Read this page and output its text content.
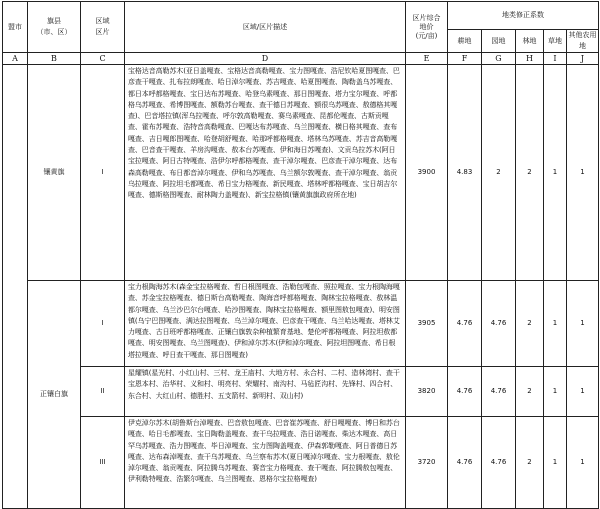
盟市	旗县
（市、区）	区域
区片	区域/区片描述	区片综合
地价
(元/亩)	地类修正系数				
					耕地	园地	林地	草地	其他农用地
A	B	C	D	E	F	G	H	I	J
	镶黄旗	I	宝格达音高勒苏木(亚日盖嘎查、宝格达音高勒嘎查、宝力图嘎查、浩尼钦哈夏图嘎查、巴彦查干嘎查、扎布拉朗嘎查、哈日淖尔嘎查、苏吉嘎查、哈夏图嘎查、陶勒盖乌苏嘎查、都日本呼都格嘎查、宝日达布苏嘎查、哈登乌素嘎查、那日图嘎查、塔力宝尔嘎查、呼都格乌苏嘎查、希博图嘎查、额勒苏台嘎查、查干德日苏嘎查、额很乌苏嘎查、敖德格其嘎查)、巴音塔拉镇(浑乌拉嘎查、呼尔敦高勒嘎查、赛乌素嘎查、昆都伦嘎查、古斯贡嘎查、霍布苏嘎查、浩特音高勒嘎查、巴嘎达布苏嘎查、乌兰图嘎查、横日格其嘎查、查布嘎查、吉日嘎郎图嘎查、哈登胡舒嘎查、哈那呼都格嘎查、塔林乌苏嘎查、苏吉音高勒嘎查、巴音查干嘎查、羊房沟嘎查、敖本台苏嘎查、伊和海日苏嘎查)、文贡乌拉苏木(阿日宝拉嘎查、阿日古特嘎查、浩伊尔呼都格嘎查、查干淖尔嘎查、巴彦查干淖尔嘎查、达布森高勒嘎查、布日都音淖尔嘎查、伊和乌苏嘎查、乌兰额尔敦嘎查、查干淖尔嘎查、翁贡乌拉嘎查、阿拉坦毛都嘎查、希日宝力格嘎查、新民嘎查、塔林呼都格嘎查、宝日胡吉尔嘎查、德斯格图嘎查、耐林陶力盖嘎查)、新宝拉格镇(镶黄旗旗政府所在地)	3900	4.83	2	2	1	1
	正镶白旗	I	宝力根陶海苏木(森金宝拉格嘎查、哲日根图嘎查、浩勒包嘎查、照拉嘎查、宝力根陶海嘎查、苏金宝拉格嘎查、德日斯台高勒嘎查、陶海音呼都格嘎查、陶林宝拉格嘎查、敖林温都尔嘎查、乌兰沙巴尔台嘎查、哈沙图嘎查、陶林宝拉格嘎查、额里图敖包嘎查)、明安图镇(乌宁巴图嘎查、满达拉图嘎查、乌兰淖尔嘎查、巴彦查干嘎查、乌兰哈达嘎查、塔林艾力嘎查、古日班呼都格嘎查、正镶白旗敦杂种植繁育基地、楚伦呼都格嘎查、阿拉坦敖都嘎查、明安图嘎查、乌兰图嘎查)、伊和淖尔苏木(伊和淖尔嘎查、阿拉坦图嘎查、希日根塔拉嘎查、呼日查干嘎查、那日图嘎查)	3905	4.76	4.76	2	1	1
		II	星耀镇(星光村、小红山村、三村、龙王庙村、大地方村、永合村、二村、造林湾村、查干宝恩本村、治华村、义和村、明亮村、荣耀村、南沟村、马毡匠沟村、先锋村、四合村、东合村、大红山村、德胜村、五支箭村、新明村、双山村)	3820	4.76	4.76	2	1	1
		III	伊克淖尔苏木(胡鲁斯台淖嘎查、巴音敖包嘎查、巴音崔苏嘎查、舒日嘎嘎查、博日和苏台嘎查、哈日毛都嘎查、宝日陶勒盖嘎查、查干乌拉嘎查、浩日诺嘎查、柴达木嘎查、高日罕乌苏嘎查、浩力图嘎查、毕日淖嘎查、宝力图陶盖嘎查、伊森郭勒嘎查、阿日普德日苏嘎查、达布森淖嘎查、查干乌苏嘎查、乌兰察布苏木(夏日嘎淖尔嘎查、宝力根嘎查、敖伦淖尔嘎查、翁贡嘎查、阿拉腾乌苏嘎查、赛音宝力格嘎查、查干嘎查、阿拉腾敖包嘎查、伊利勒特嘎查、浩繁尔嘎查、乌兰图嘎查、恩格尔宝拉格嘎查)	3720	4.76	4.76	2	1	1
